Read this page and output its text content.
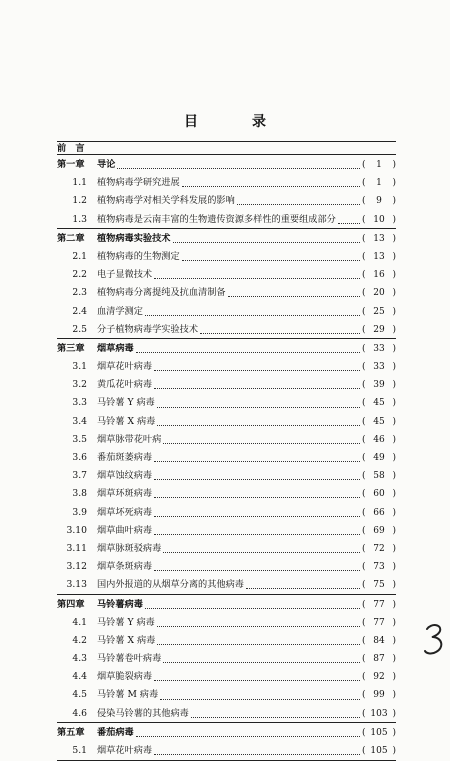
目　录
前　言
第一章	导论	( 1 )
1.1	植物病毒学研究进展	( 1 )
1.2	植物病毒学对相关学科发展的影响	( 9 )
1.3	植物病毒是云南丰富的生物遗传资源多样性的重要组成部分	( 10 )
第二章	植物病毒实验技术	( 13 )
2.1	植物病毒的生物测定	( 13 )
2.2	电子显微技术	( 16 )
2.3	植物病毒分离提纯及抗血清制备	( 20 )
2.4	血清学测定	( 25 )
2.5	分子植物病毒学实验技术	( 29 )
第三章	烟草病毒	( 33 )
3.1	烟草花叶病毒	( 33 )
3.2	黄瓜花叶病毒	( 39 )
3.3	马铃薯 Y 病毒	( 45 )
3.4	马铃薯 X 病毒	( 45 )
3.5	烟草脉带花叶病	( 46 )
3.6	番茄斑萎病毒	( 49 )
3.7	烟草蚀纹病毒	( 58 )
3.8	烟草环斑病毒	( 60 )
3.9	烟草坏死病毒	( 66 )
3.10	烟草曲叶病毒	( 69 )
3.11	烟草脉斑驳病毒	( 72 )
3.12	烟草条斑病毒	( 73 )
3.13	国内外报道的从烟草分离的其他病毒	( 75 )
第四章	马铃薯病毒	( 77 )
4.1	马铃薯 Y 病毒	( 77 )
4.2	马铃薯 X 病毒	( 84 )
4.3	马铃薯卷叶病毒	( 87 )
4.4	烟草脆裂病毒	( 92 )
4.5	马铃薯 M 病毒	( 99 )
4.6	侵染马铃薯的其他病毒	( 103 )
第五章	番茄病毒	( 105 )
5.1	烟草花叶病毒	( 105 )
